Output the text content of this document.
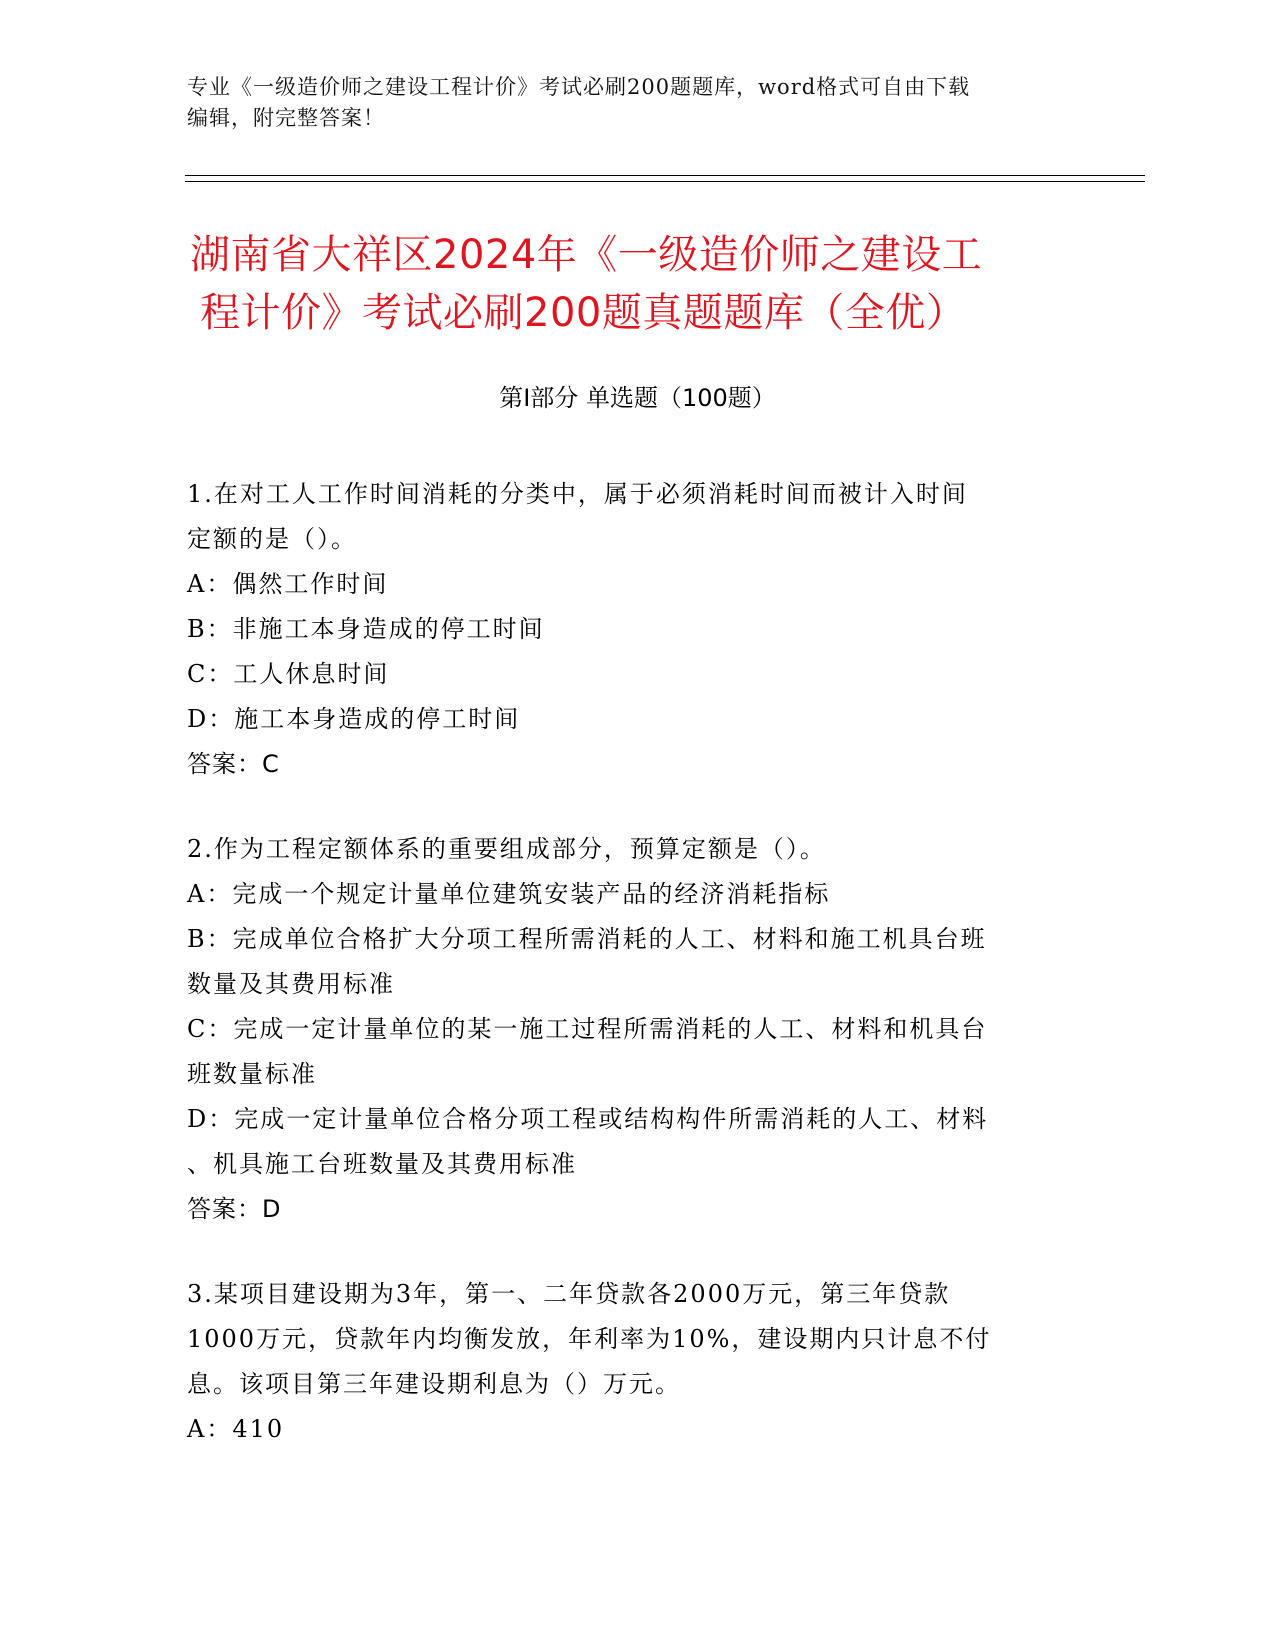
专业《一级造价师之建设工程计价》考试必刷200题题库，word格式可自由下载
编辑，附完整答案！
湖南省大祥区2024年《一级造价师之建设工
程计价》考试必刷200题真题题库（全优）
第Ⅰ部分 单选题（100题）
1.在对工人工作时间消耗的分类中，属于必须消耗时间而被计入时间
定额的是（）。
A：偶然工作时间
B：非施工本身造成的停工时间
C：工人休息时间
D：施工本身造成的停工时间
答案：C
2.作为工程定额体系的重要组成部分，预算定额是（）。
A：完成一个规定计量单位建筑安装产品的经济消耗指标
B：完成单位合格扩大分项工程所需消耗的人工、材料和施工机具台班
数量及其费用标准
C：完成一定计量单位的某一施工过程所需消耗的人工、材料和机具台
班数量标准
D：完成一定计量单位合格分项工程或结构构件所需消耗的人工、材料
、机具施工台班数量及其费用标准
答案：D
3.某项目建设期为3年，第一、二年贷款各2000万元，第三年贷款
1000万元，贷款年内均衡发放，年利率为10%，建设期内只计息不付
息。该项目第三年建设期利息为（）万元。
A：410
